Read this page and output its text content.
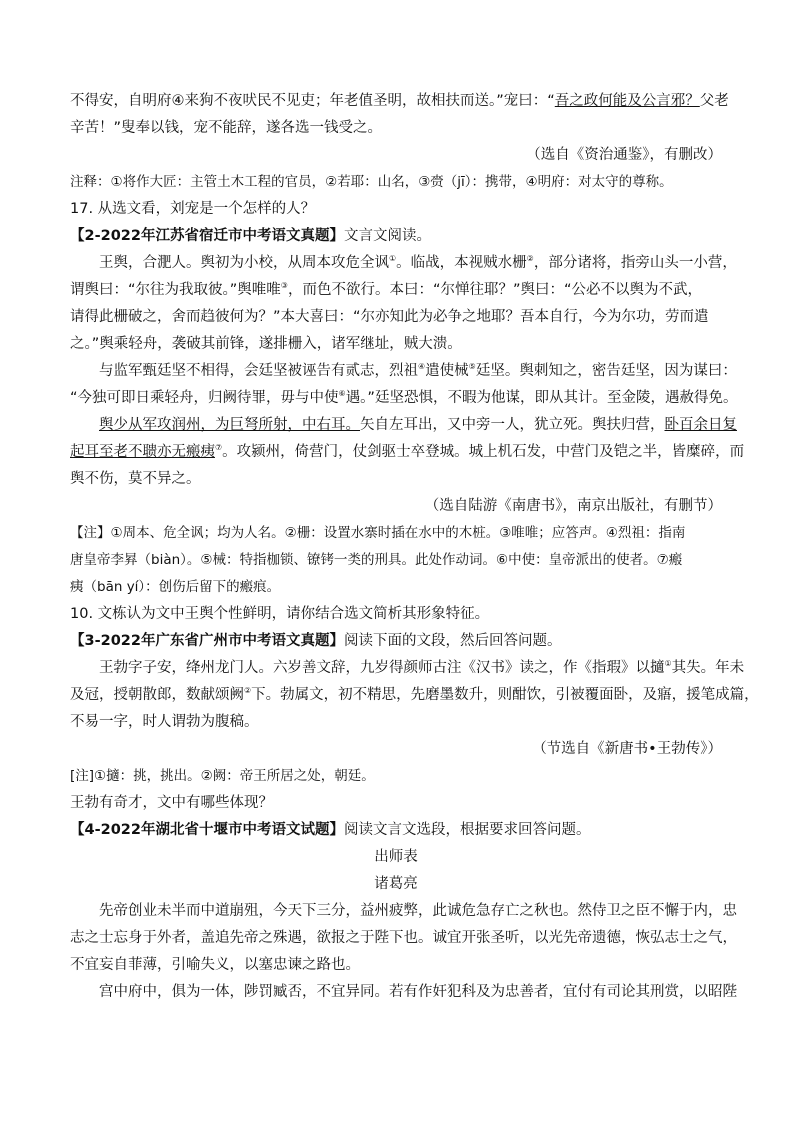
不得安，自明府④来狗不夜吠民不见吏；年老值圣明，故相扶而送。”宠曰：“吾之政何能及公言邪？父老
辛苦！”叟奉以钱，宠不能辞，遂各选一钱受之。
（选自《资治通鉴》，有删改）
注释：①将作大匠：主管土木工程的官员，②若耶：山名，③赍（jī）：携带，④明府：对太守的尊称。
17. 从选文看，刘宠是一个怎样的人？
【2-2022年江苏省宿迁市中考语文真题】文言文阅读。
王舆，合淝人。舆初为小校，从周本攻危全讽①。临战，本视贼水栅②，部分诸将，指旁山头一小营，
谓舆曰：“尔往为我取彼。”舆唯唯③，而色不欲行。本曰：“尔惮往耶？”舆曰：“公必不以舆为不武，
请得此栅破之，舍而趋彼何为？”本大喜曰：“尔亦知此为必争之地耶？吾本自行，今为尔功，劳而遣
之。”舆乘轻舟，袭破其前锋，遂排栅入，诸军继址，贼大溃。
与监军甄廷坚不相得，会廷坚被诬告有贰志，烈祖④遣使械⑤廷坚。舆刺知之，密告廷坚，因为谋曰：
“今独可即日乘轻舟，归阙待罪，毋与中使⑥遇。”廷坚恐惧，不暇为他谋，即从其计。至金陵，遇赦得免。
舆少从军攻润州，为巨弩所射，中右耳。矢自左耳出，又中旁一人，犹立死。舆扶归营，卧百余日复
起耳至老不聩亦无瘢痍⑦。攻颍州，倚营门，仗剑驱士卒登城。城上机石发，中营门及铠之半，皆糜碎，而
舆不伤，莫不异之。
（选自陆游《南唐书》，南京出版社，有删节）
【注】①周本、危全讽；均为人名。②栅：设置水寨时插在水中的木桩。③唯唯；应答声。④烈祖：指南
唐皇帝李昪（biàn）。⑤械：特指枷锁、镣铐一类的刑具。此处作动词。⑥中使：皇帝派出的使者。⑦瘢
痍（bān yí）：创伤后留下的瘢痕。
10. 文栋认为文中王舆个性鲜明，请你结合选文简析其形象特征。
【3-2022年广东省广州市中考语文真题】阅读下面的文段，然后回答问题。
王勃字子安，绛州龙门人。六岁善文辞，九岁得颜师古注《汉书》读之，作《指瑕》以擿①其失。年未
及冠，授朝散郎，数献颂阙②下。勃属文，初不精思，先磨墨数升，则酣饮，引被覆面卧，及寤，援笔成篇，
不易一字，时人谓勃为腹稿。
（节选自《新唐书•王勃传》）
[注]①擿：挑，挑出。②阙：帝王所居之处，朝廷。
王勃有奇才，文中有哪些体现？
【4-2022年湖北省十堰市中考语文试题】阅读文言文选段，根据要求回答问题。
出师表
诸葛亮
先帝创业未半而中道崩殂，今天下三分，益州疲弊，此诚危急存亡之秋也。然侍卫之臣不懈于内，忠
志之士忘身于外者，盖追先帝之殊遇，欲报之于陛下也。诚宜开张圣听，以光先帝遗德，恢弘志士之气，
不宜妄自菲薄，引喻失义，以塞忠谏之路也。
宫中府中，俱为一体，陟罚臧否，不宜异同。若有作奸犯科及为忠善者，宜付有司论其刑赏，以昭陛
